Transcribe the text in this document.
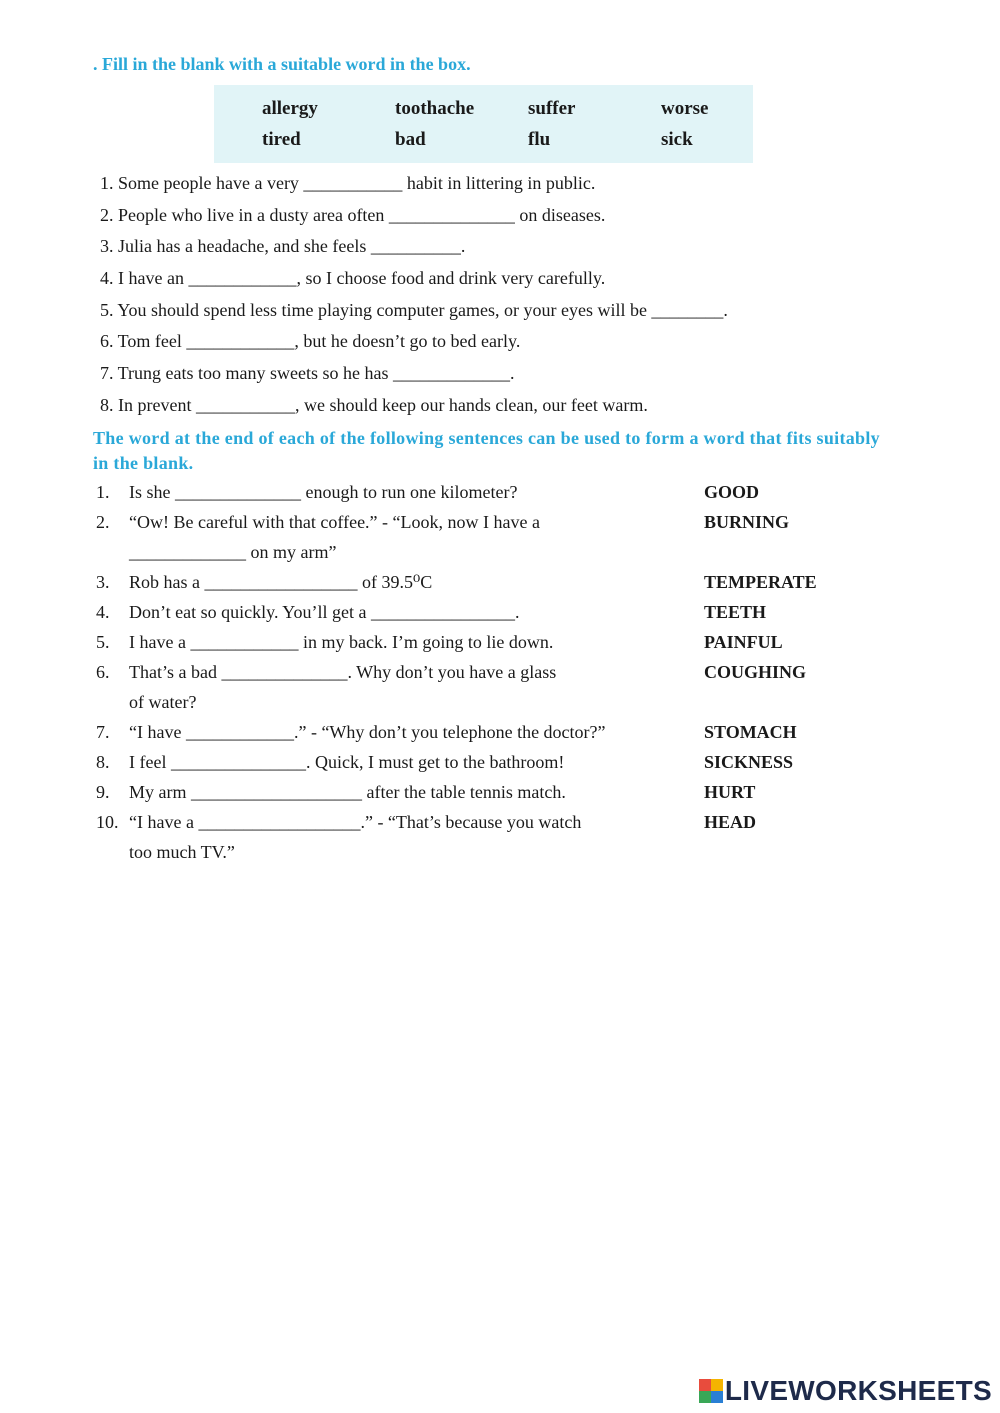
. Fill in the blank with a suitable word in the box.
allergy	toothache	suffer	worse
tired	bad	flu	sick
1. Some people have a very ___________ habit in littering in public.
2. People who live in a dusty area often ______________ on diseases.
3. Julia has a headache, and she feels __________.
4. I have an ____________, so I choose food and drink very carefully.
5. You should spend less time playing computer games, or your eyes will be ________.
6. Tom feel ____________, but he doesn’t go to bed early.
7. Trung eats too many sweets so he has _____________.
8. In prevent ___________, we should keep our hands clean, our feet warm.
The word at the end of each of the following sentences can be used to form a word that fits suitably in the blank.
1. Is she ______________ enough to run one kilometer?	GOOD
2. “Ow! Be careful with that coffee.” - “Look, now I have a	BURNING
_____________ on my arm”
3. Rob has a _________________ of 39.5⁰C	TEMPERATE
4. Don’t eat so quickly. You’ll get a ________________.	TEETH
5. I have a ____________ in my back. I’m going to lie down.	PAINFUL
6. That’s a bad ______________. Why don’t you have a glass	COUGHING
of water?
7. “I have ____________.” - “Why don’t you telephone the doctor?”	STOMACH
8. I feel _______________. Quick, I must get to the bathroom!	SICKNESS
9. My arm ___________________ after the table tennis match.	HURT
10. “I have a __________________.” - “That’s because you watch	HEAD
too much TV.”
LIVEWORKSHEETS
